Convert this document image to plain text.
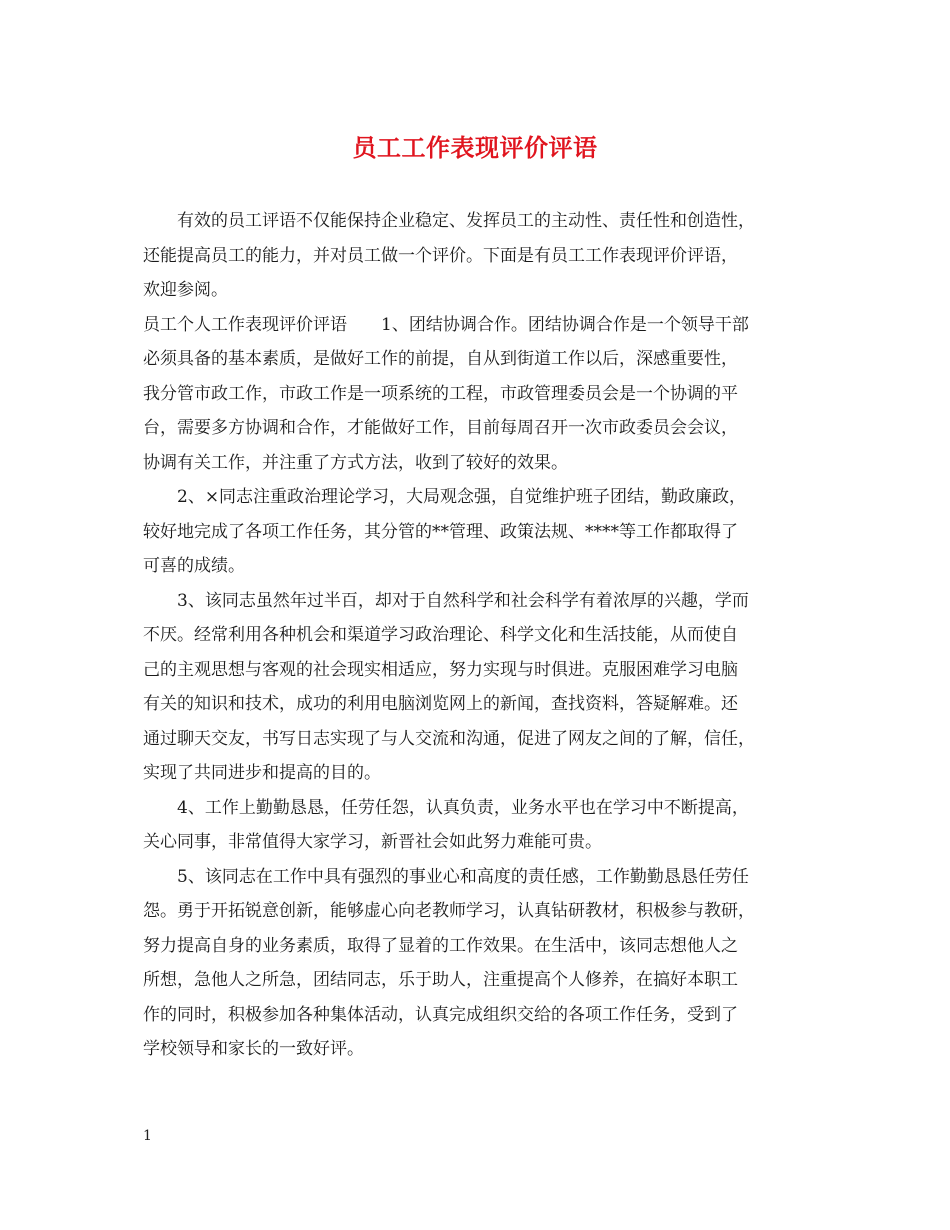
员工工作表现评价评语
有效的员工评语不仅能保持企业稳定、发挥员工的主动性、责任性和创造性，
还能提高员工的能力，并对员工做一个评价。下面是有员工工作表现评价评语，
欢迎参阅。
员工个人工作表现评价评语 1、团结协调合作。团结协调合作是一个领导干部
必须具备的基本素质，是做好工作的前提，自从到街道工作以后，深感重要性，
我分管市政工作，市政工作是一项系统的工程，市政管理委员会是一个协调的平
台，需要多方协调和合作，才能做好工作，目前每周召开一次市政委员会会议，
协调有关工作，并注重了方式方法，收到了较好的效果。
2、×同志注重政治理论学习，大局观念强，自觉维护班子团结，勤政廉政，
较好地完成了各项工作任务，其分管的**管理、政策法规、****等工作都取得了
可喜的成绩。
3、该同志虽然年过半百，却对于自然科学和社会科学有着浓厚的兴趣，学而
不厌。经常利用各种机会和渠道学习政治理论、科学文化和生活技能，从而使自
己的主观思想与客观的社会现实相适应，努力实现与时俱进。克服困难学习电脑
有关的知识和技术，成功的利用电脑浏览网上的新闻，查找资料，答疑解难。还
通过聊天交友，书写日志实现了与人交流和沟通，促进了网友之间的了解，信任，
实现了共同进步和提高的目的。
4、工作上勤勤恳恳，任劳任怨，认真负责，业务水平也在学习中不断提高，
关心同事，非常值得大家学习，新晋社会如此努力难能可贵。
5、该同志在工作中具有强烈的事业心和高度的责任感，工作勤勤恳恳任劳任
怨。勇于开拓锐意创新，能够虚心向老教师学习，认真钻研教材，积极参与教研，
努力提高自身的业务素质，取得了显着的工作效果。在生活中，该同志想他人之
所想，急他人之所急，团结同志，乐于助人，注重提高个人修养，在搞好本职工
作的同时，积极参加各种集体活动，认真完成组织交给的各项工作任务，受到了
学校领导和家长的一致好评。
1
